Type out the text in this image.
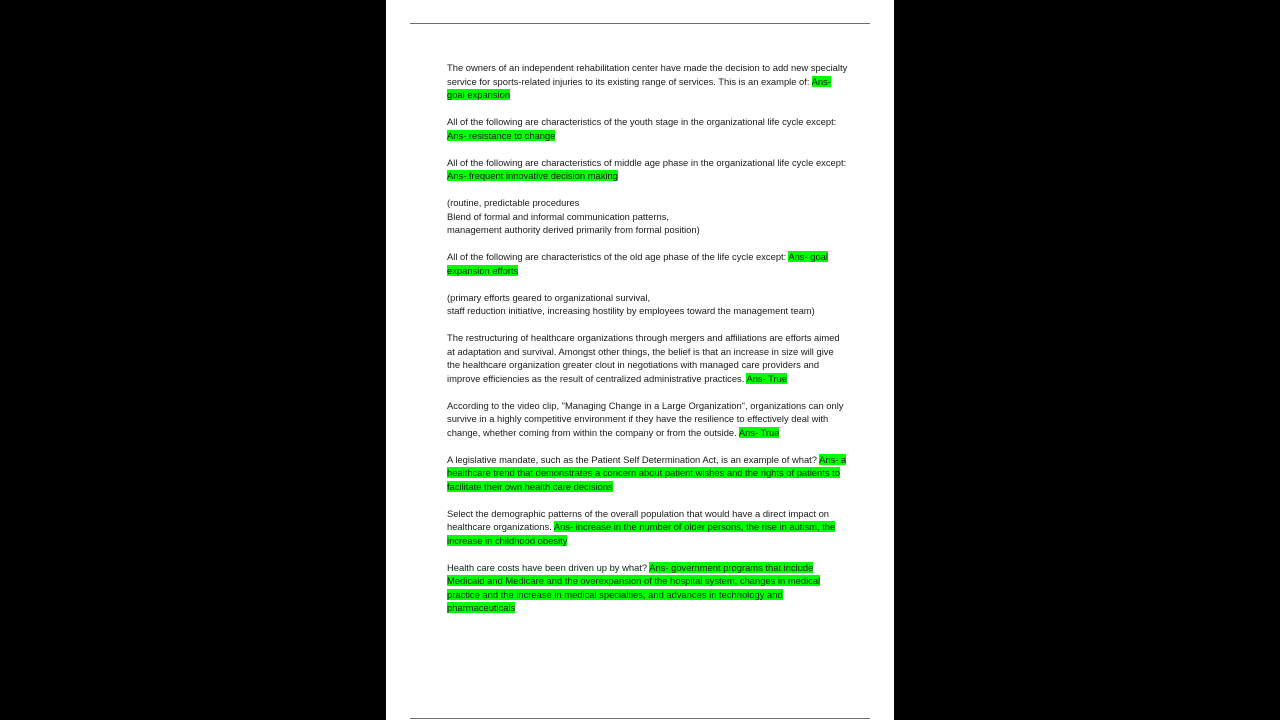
The owners of an independent rehabilitation center have made the decision to add new specialty service for sports-related injuries to its existing range of services. This is an example of: Ans- goal expansion

All of the following are characteristics of the youth stage in the organizational life cycle except: Ans- resistance to change

All of the following are characteristics of middle age phase in the organizational life cycle except: Ans- frequent innovative decision making

(routine, predictable procedures
Blend of formal and informal communication patterns,
management authority derived primarily from formal position)

All of the following are characteristics of the old age phase of the life cycle except: Ans- goal expansion efforts

(primary efforts geared to organizational survival,
staff reduction initiative, increasing hostility by employees toward the management team)

The restructuring of healthcare organizations through mergers and affiliations are efforts aimed at adaptation and survival. Amongst other things, the belief is that an increase in size will give the healthcare organization greater clout in negotiations with managed care providers and improve efficiencies as the result of centralized administrative practices. Ans- True

According to the video clip, "Managing Change in a Large Organization", organizations can only survive in a highly competitive environment if they have the resilience to effectively deal with change, whether coming from within the company or from the outside. Ans- True

A legislative mandate, such as the Patient Self Determination Act, is an example of what? Ans- a healthcare trend that demonstrates a concern about patient wishes and the rights of patients to facilitate their own health care decisions

Select the demographic patterns of the overall population that would have a direct impact on healthcare organizations. Ans- increase in the number of older persons, the rise in autism, the increase in childhood obesity

Health care costs have been driven up by what? Ans- government programs that include Medicaid and Medicare and the overexpansion of the hospital system, changes in medical practice and the increase in medical specialties, and advances in technology and pharmaceuticals
